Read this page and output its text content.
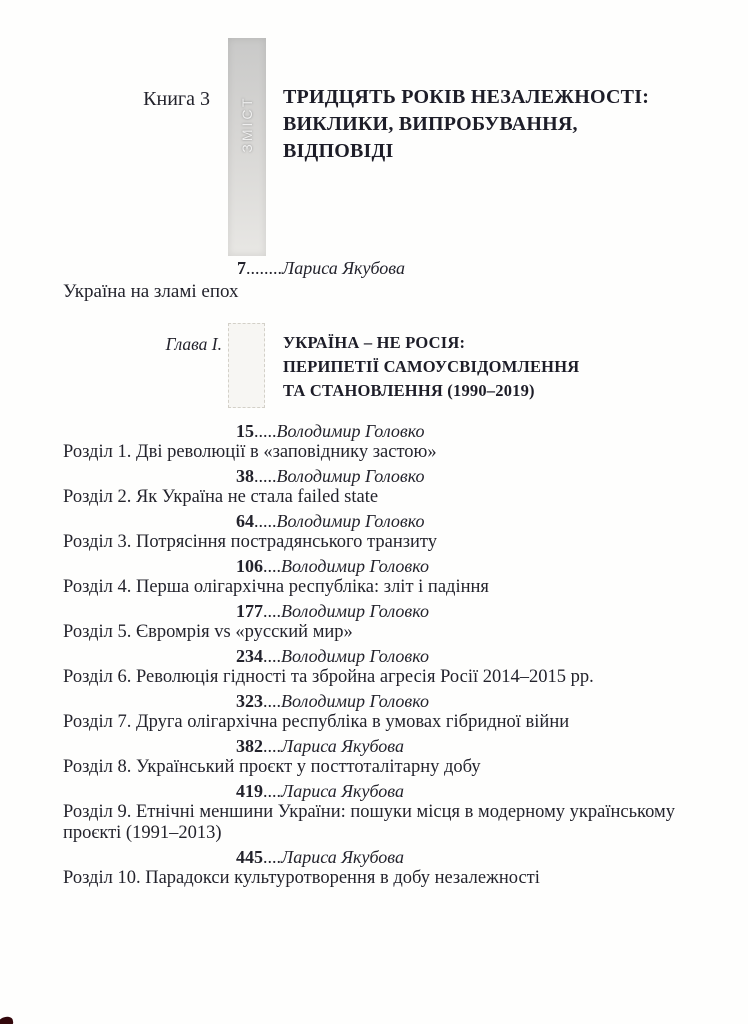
ЗМІСТ
Книга 3	ТРИДЦЯТЬ РОКІВ НЕЗАЛЕЖНОСТІ:
ВИКЛИКИ, ВИПРОБУВАННЯ,
ВІДПОВІДІ
7........Лариса Якубова
Україна на зламі епох
Глава I.	УКРАЇНА – НЕ РОСІЯ:
ПЕРИПЕТІЇ САМОУСВІДОМЛЕННЯ
ТА СТАНОВЛЕННЯ (1990–2019)
15.....Володимир Головко
Розділ 1. Дві революції в «заповіднику застою»
38.....Володимир Головко
Розділ 2. Як Україна не стала failed state
64.....Володимир Головко
Розділ 3. Потрясіння пострадянського транзиту
106....Володимир Головко
Розділ 4. Перша олігархічна республіка: зліт і падіння
177....Володимир Головко
Розділ 5. Євромрія vs «русский мир»
234....Володимир Головко
Розділ 6. Революція гідності та збройна агресія Росії 2014–2015 рр.
323....Володимир Головко
Розділ 7. Друга олігархічна республіка в умовах гібридної війни
382....Лариса Якубова
Розділ 8. Український проєкт у посттоталітарну добу
419....Лариса Якубова
Розділ 9. Етнічні меншини України: пошуки місця в модерному українському проєкті (1991–2013)
445....Лариса Якубова
Розділ 10. Парадокси культуротворення в добу незалежності
